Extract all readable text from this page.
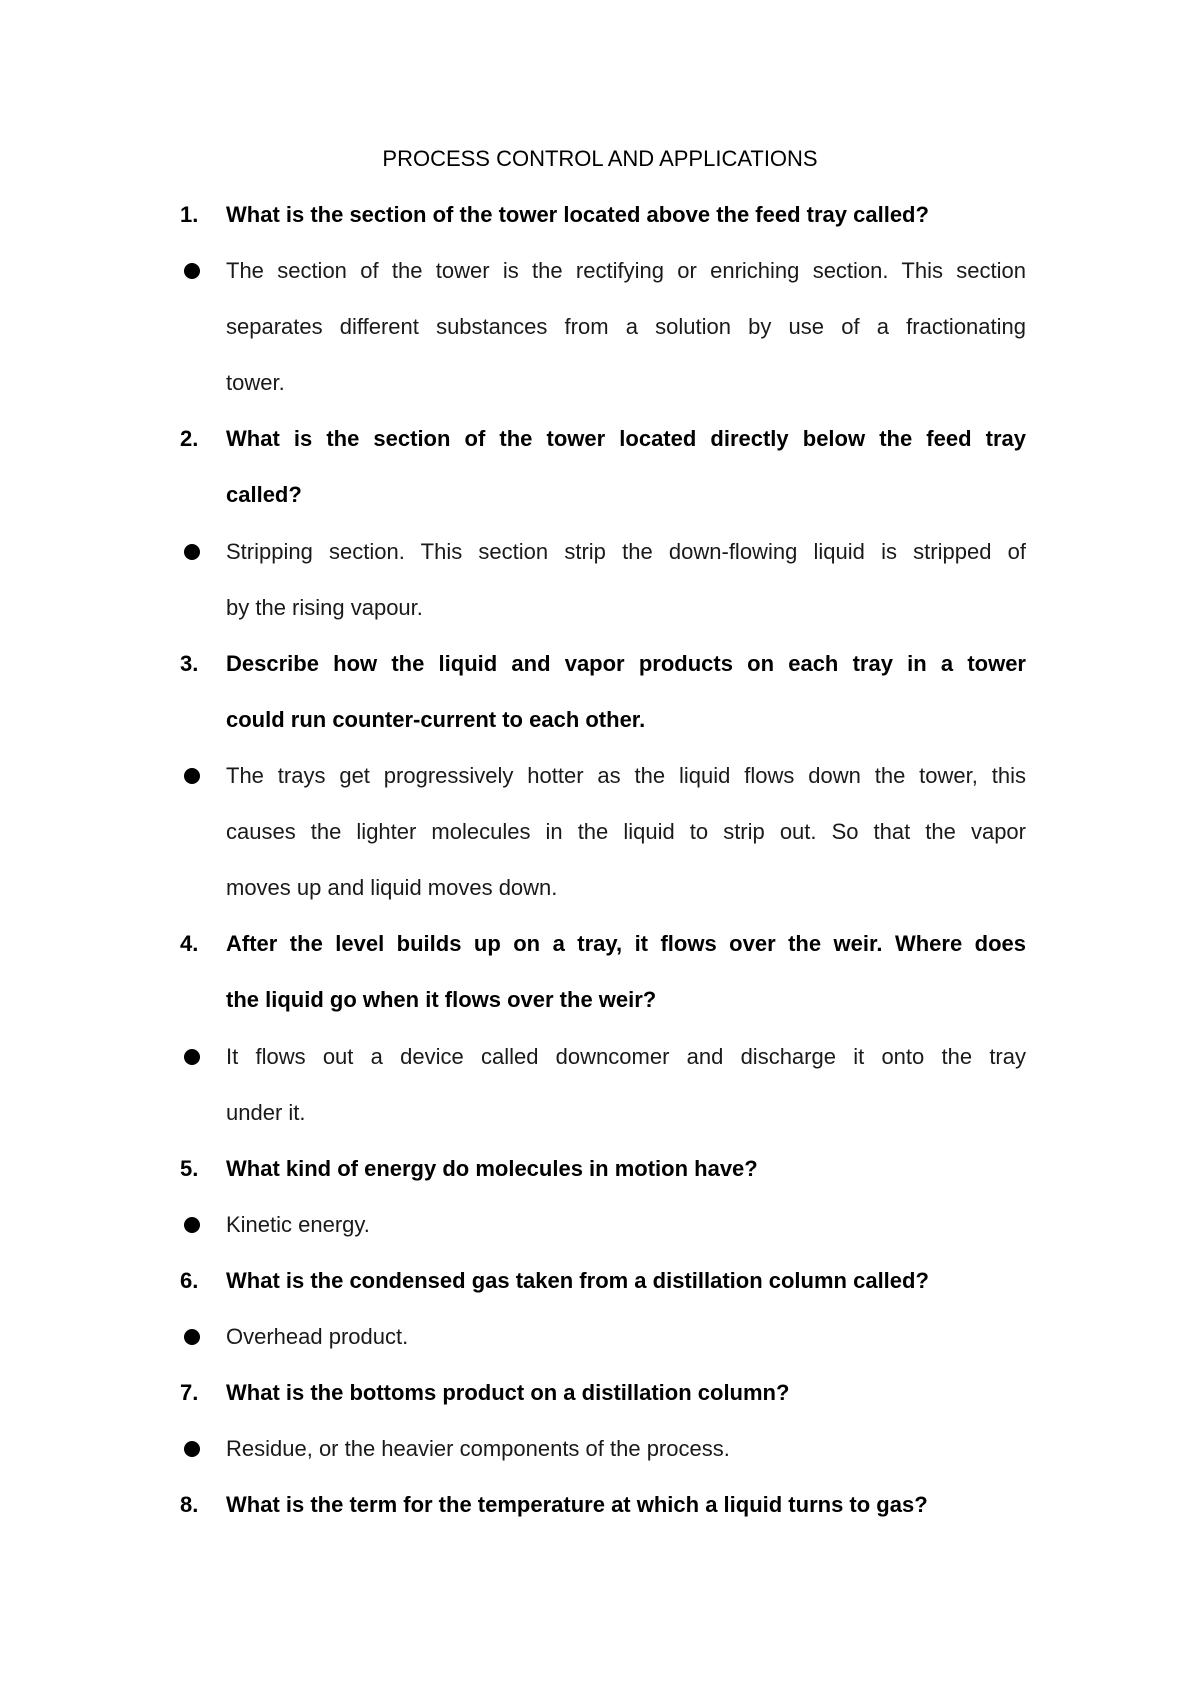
PROCESS CONTROL AND APPLICATIONS
1. What is the section of the tower located above the feed tray called?
The section of the tower is the rectifying or enriching section. This section
separates different substances from a solution by use of a fractionating
tower.
2. What is the section of the tower located directly below the feed tray
called?
Stripping section. This section strip the down-flowing liquid is stripped of
by the rising vapour.
3. Describe how the liquid and vapor products on each tray in a tower
could run counter-current to each other.
The trays get progressively hotter as the liquid flows down the tower, this
causes the lighter molecules in the liquid to strip out. So that the vapor
moves up and liquid moves down.
4. After the level builds up on a tray, it flows over the weir. Where does
the liquid go when it flows over the weir?
It flows out a device called downcomer and discharge it onto the tray
under it.
5. What kind of energy do molecules in motion have?
Kinetic energy.
6. What is the condensed gas taken from a distillation column called?
Overhead product.
7. What is the bottoms product on a distillation column?
Residue, or the heavier components of the process.
8. What is the term for the temperature at which a liquid turns to gas?
